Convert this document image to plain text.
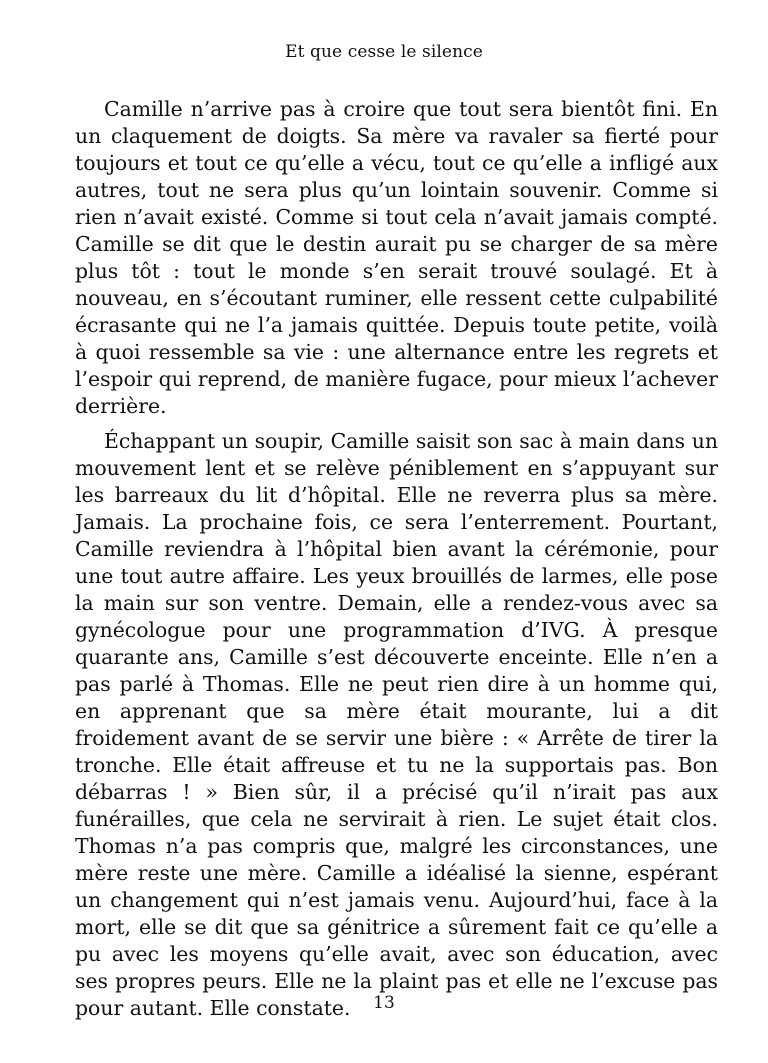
Et que cesse le silence

Camille n’arrive pas à croire que tout sera bientôt fini. En un claquement de doigts. Sa mère va ravaler sa fierté pour toujours et tout ce qu’elle a vécu, tout ce qu’elle a infligé aux autres, tout ne sera plus qu’un lointain souvenir. Comme si rien n’avait existé. Comme si tout cela n’avait jamais compté. Camille se dit que le destin aurait pu se charger de sa mère plus tôt : tout le monde s’en serait trouvé soulagé. Et à nouveau, en s’écoutant ruminer, elle ressent cette culpabilité écrasante qui ne l’a jamais quittée. Depuis toute petite, voilà à quoi ressemble sa vie : une alternance entre les regrets et l’espoir qui reprend, de manière fugace, pour mieux l’achever derrière.

Échappant un soupir, Camille saisit son sac à main dans un mouvement lent et se relève péniblement en s’appuyant sur les barreaux du lit d’hôpital. Elle ne reverra plus sa mère. Jamais. La prochaine fois, ce sera l’enterrement. Pourtant, Camille reviendra à l’hôpital bien avant la cérémonie, pour une tout autre affaire. Les yeux brouillés de larmes, elle pose la main sur son ventre. Demain, elle a rendez-vous avec sa gynécologue pour une programmation d’IVG. À presque quarante ans, Camille s’est découverte enceinte. Elle n’en a pas parlé à Thomas. Elle ne peut rien dire à un homme qui, en apprenant que sa mère était mourante, lui a dit froidement avant de se servir une bière : « Arrête de tirer la tronche. Elle était affreuse et tu ne la supportais pas. Bon débarras ! » Bien sûr, il a précisé qu’il n’irait pas aux funérailles, que cela ne servirait à rien. Le sujet était clos. Thomas n’a pas compris que, malgré les circonstances, une mère reste une mère. Camille a idéalisé la sienne, espérant un changement qui n’est jamais venu. Aujourd’hui, face à la mort, elle se dit que sa génitrice a sûrement fait ce qu’elle a pu avec les moyens qu’elle avait, avec son éducation, avec ses propres peurs. Elle ne la plaint pas et elle ne l’excuse pas pour autant. Elle constate.	13
